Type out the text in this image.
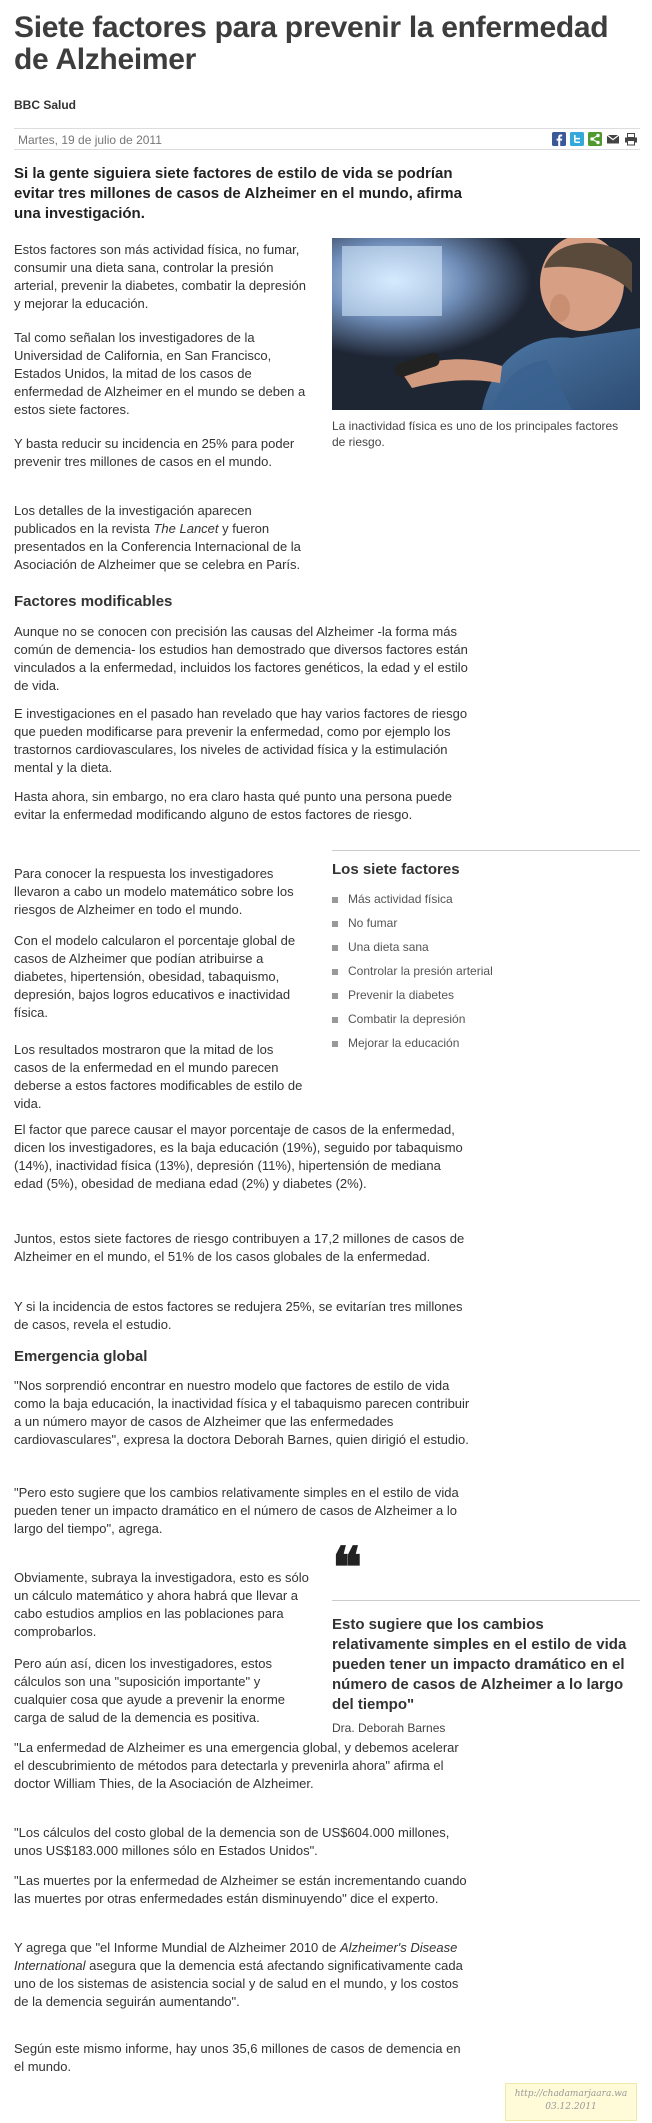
Siete factores para prevenir la enfermedad de Alzheimer
BBC Salud
Martes, 19 de julio de 2011
Si la gente siguiera siete factores de estilo de vida se podrían evitar tres millones de casos de Alzheimer en el mundo, afirma una investigación.

Estos factores son más actividad física, no fumar, consumir una dieta sana, controlar la presión arterial, prevenir la diabetes, combatir la depresión y mejorar la educación.

Tal como señalan los investigadores de la Universidad de California, en San Francisco, Estados Unidos, la mitad de los casos de enfermedad de Alzheimer en el mundo se deben a estos siete factores.

Y basta reducir su incidencia en 25% para poder prevenir tres millones de casos en el mundo.

Los detalles de la investigación aparecen publicados en la revista The Lancet y fueron presentados en la Conferencia Internacional de la Asociación de Alzheimer que se celebra en París.

La inactividad física es uno de los principales factores de riesgo.
Factores modificables

Aunque no se conocen con precisión las causas del Alzheimer -la forma más común de demencia- los estudios han demostrado que diversos factores están vinculados a la enfermedad, incluidos los factores genéticos, la edad y el estilo de vida.

E investigaciones en el pasado han revelado que hay varios factores de riesgo que pueden modificarse para prevenir la enfermedad, como por ejemplo los trastornos cardiovasculares, los niveles de actividad física y la estimulación mental y la dieta.

Hasta ahora, sin embargo, no era claro hasta qué punto una persona puede evitar la enfermedad modificando alguno de estos factores de riesgo.

Para conocer la respuesta los investigadores llevaron a cabo un modelo matemático sobre los riesgos de Alzheimer en todo el mundo.

Con el modelo calcularon el porcentaje global de casos de Alzheimer que podían atribuirse a diabetes, hipertensión, obesidad, tabaquismo, depresión, bajos logros educativos e inactividad física.

Los resultados mostraron que la mitad de los casos de la enfermedad en el mundo parecen deberse a estos factores modificables de estilo de vida.

Los siete factores
Más actividad física
No fumar
Una dieta sana
Controlar la presión arterial
Prevenir la diabetes
Combatir la depresión
Mejorar la educación

El factor que parece causar el mayor porcentaje de casos de la enfermedad, dicen los investigadores, es la baja educación (19%), seguido por tabaquismo (14%), inactividad física (13%), depresión (11%), hipertensión de mediana edad (5%), obesidad de mediana edad (2%) y diabetes (2%).

Juntos, estos siete factores de riesgo contribuyen a 17,2 millones de casos de Alzheimer en el mundo, el 51% de los casos globales de la enfermedad.

Y si la incidencia de estos factores se redujera 25%, se evitarían tres millones de casos, revela el estudio.

Emergencia global

"Nos sorprendió encontrar en nuestro modelo que factores de estilo de vida como la baja educación, la inactividad física y el tabaquismo parecen contribuir a un número mayor de casos de Alzheimer que las enfermedades cardiovasculares", expresa la doctora Deborah Barnes, quien dirigió el estudio.

"Pero esto sugiere que los cambios relativamente simples en el estilo de vida pueden tener un impacto dramático en el número de casos de Alzheimer a lo largo del tiempo", agrega.

Obviamente, subraya la investigadora, esto es sólo un cálculo matemático y ahora habrá que llevar a cabo estudios amplios en las poblaciones para comprobarlos.

Pero aún así, dicen los investigadores, estos cálculos son una "suposición importante" y cualquier cosa que ayude a prevenir la enorme carga de salud de la demencia es positiva.

❝
Esto sugiere que los cambios relativamente simples en el estilo de vida pueden tener un impacto dramático en el número de casos de Alzheimer a lo largo del tiempo"
Dra. Deborah Barnes

"La enfermedad de Alzheimer es una emergencia global, y debemos acelerar el descubrimiento de métodos para detectarla y prevenirla ahora" afirma el doctor William Thies, de la Asociación de Alzheimer.

"Los cálculos del costo global de la demencia son de US$604.000 millones, unos US$183.000 millones sólo en Estados Unidos".

"Las muertes por la enfermedad de Alzheimer se están incrementando cuando las muertes por otras enfermedades están disminuyendo" dice el experto.

Y agrega que "el Informe Mundial de Alzheimer 2010 de Alzheimer's Disease International asegura que la demencia está afectando significativamente cada uno de los sistemas de asistencia social y de salud en el mundo, y los costos de la demencia seguirán aumentando".

Según este mismo informe, hay unos 35,6 millones de casos de demencia en el mundo.

http://chadamarjaara.wa
03.12.2011
